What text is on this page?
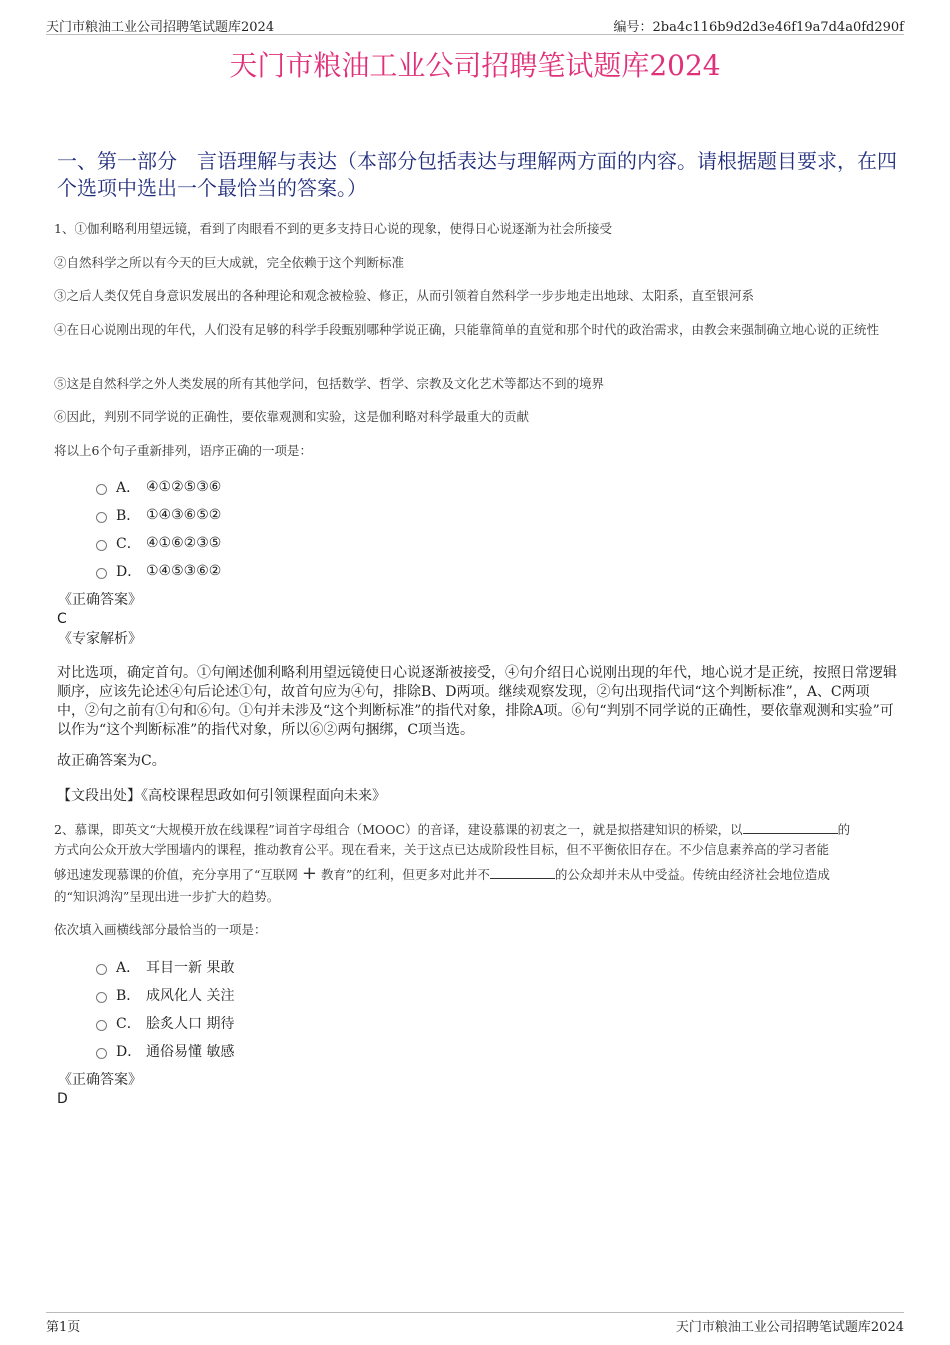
天门市粮油工业公司招聘笔试题库2024	编号：2ba4c116b9d2d3e46f19a7d4a0fd290f
天门市粮油工业公司招聘笔试题库2024
一、第一部分　言语理解与表达（本部分包括表达与理解两方面的内容。请根据题目要求，在四个选项中选出一个最恰当的答案。）
1、①伽利略利用望远镜，看到了肉眼看不到的更多支持日心说的现象，使得日心说逐渐为社会所接受
②自然科学之所以有今天的巨大成就，完全依赖于这个判断标准
③之后人类仅凭自身意识发展出的各种理论和观念被检验、修正，从而引领着自然科学一步步地走出地球、太阳系，直至银河系
④在日心说刚出现的年代，人们没有足够的科学手段甄别哪种学说正确，只能靠简单的直觉和那个时代的政治需求，由教会来强制确立地心说的正统性
⑤这是自然科学之外人类发展的所有其他学问，包括数学、哲学、宗教及文化艺术等都达不到的境界
⑥因此，判别不同学说的正确性，要依靠观测和实验，这是伽利略对科学最重大的贡献
将以上6个句子重新排列，语序正确的一项是：
A． ④①②⑤③⑥
B． ①④③⑥⑤②
C． ④①⑥②③⑤
D． ①④⑤③⑥②
《正确答案》
C
《专家解析》
对比选项，确定首句。①句阐述伽利略利用望远镜使日心说逐渐被接受，④句介绍日心说刚出现的年代，地心说才是正统，按照日常逻辑顺序，应该先论述④句后论述①句，故首句应为④句，排除B、D两项。继续观察发现，②句出现指代词“这个判断标准”，A、C两项中，②句之前有①句和⑥句。①句并未涉及“这个判断标准”的指代对象，排除A项。⑥句“判别不同学说的正确性，要依靠观测和实验”可以作为“这个判断标准”的指代对象，所以⑥②两句捆绑，C项当选。
故正确答案为C。
【文段出处】《高校课程思政如何引领课程面向未来》
2、慕课，即英文“大规模开放在线课程”词首字母组合（MOOC）的音译，建设慕课的初衷之一，就是拟搭建知识的桥梁，以	的
方式向公众开放大学围墙内的课程，推动教育公平。现在看来，关于这点已达成阶段性目标，但不平衡依旧存在。不少信息素养高的学习者能
够迅速发现慕课的价值，充分享用了“互联网 + 教育”的红利，但更多对此并不	的公众却并未从中受益。传统由经济社会地位造成
的“知识鸿沟”呈现出进一步扩大的趋势。
依次填入画横线部分最恰当的一项是：
A． 耳目一新 果敢
B． 成风化人 关注
C． 脍炙人口 期待
D． 通俗易懂 敏感
《正确答案》
D
第1页	天门市粮油工业公司招聘笔试题库2024
